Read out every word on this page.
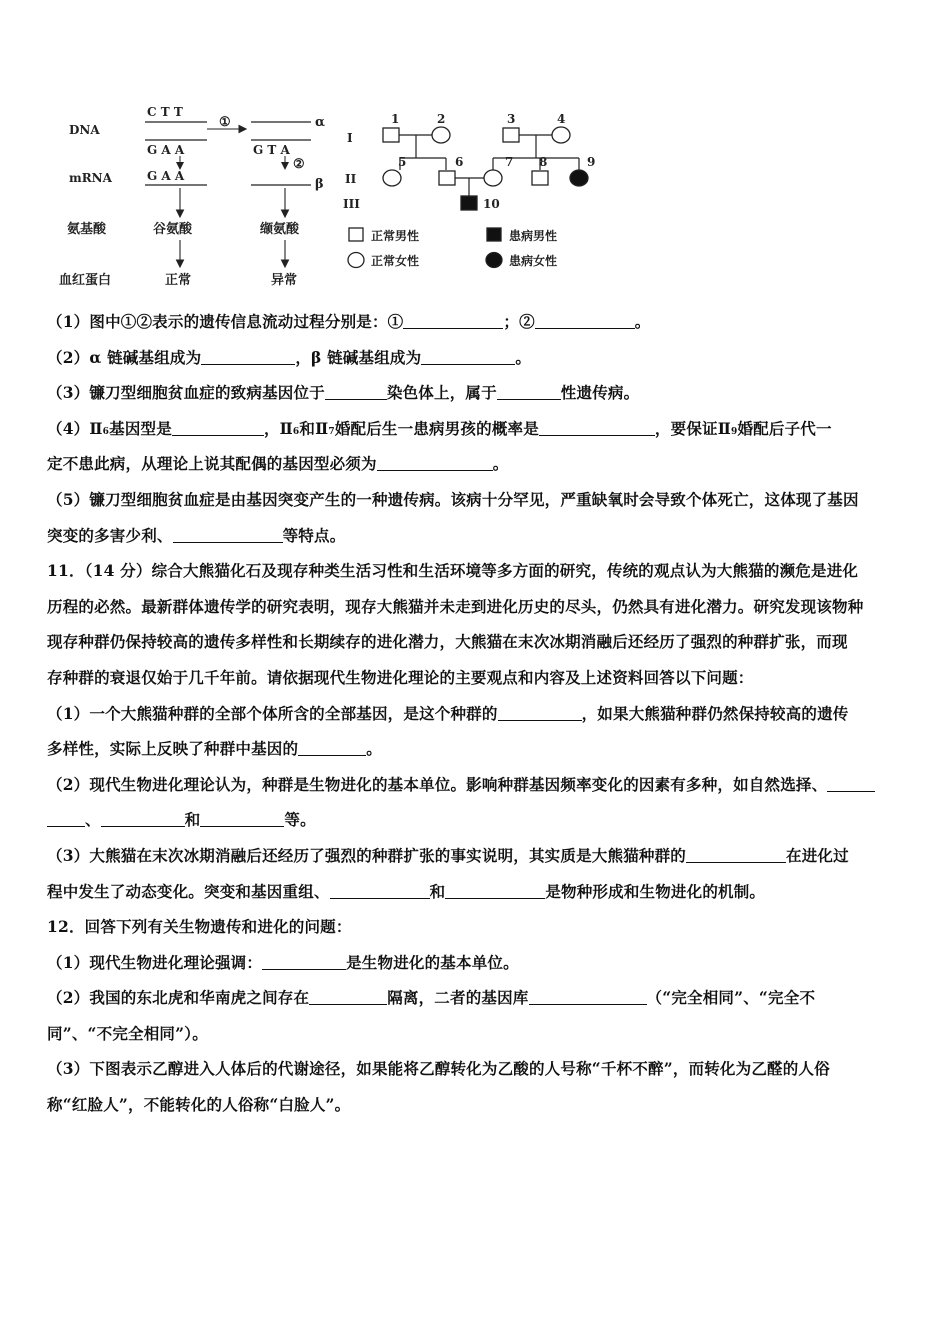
DNA
mRNA
氨基酸
血红蛋白
C T T
G A A
G A A
谷氨酸
正常
①	α
G T A
②
β
缬氨酸
异常
I
II
III
1	2	3	4
5	6	7 8	9
10
正常男性	患病男性
正常女性	患病女性
（1）图中①②表示的遗传信息流动过程分别是：①	；②	。
（2）α 链碱基组成为	，β 链碱基组成为	。
（3）镰刀型细胞贫血症的致病基因位于	染色体上，属于	性遗传病。
（4）Ⅱ6基因型是	，Ⅱ6和Ⅱ7婚配后生一患病男孩的概率是	，要保证Ⅱ9婚配后子代一
定不患此病，从理论上说其配偶的基因型必须为	。
（5）镰刀型细胞贫血症是由基因突变产生的一种遗传病。该病十分罕见，严重缺氧时会导致个体死亡，这体现了基因
突变的多害少利、	等特点。
11．（14 分）综合大熊猫化石及现存种类生活习性和生活环境等多方面的研究，传统的观点认为大熊猫的濒危是进化
历程的必然。最新群体遗传学的研究表明，现存大熊猫并未走到进化历史的尽头，仍然具有进化潜力。研究发现该物种
现存种群仍保持较高的遗传多样性和长期续存的进化潜力，大熊猫在末次冰期消融后还经历了强烈的种群扩张，而现
存种群的衰退仅始于几千年前。请依据现代生物进化理论的主要观点和内容及上述资料回答以下问题：
（1）一个大熊猫种群的全部个体所含的全部基因，是这个种群的	，如果大熊猫种群仍然保持较高的遗传
多样性，实际上反映了种群中基因的	。
（2）现代生物进化理论认为，种群是生物进化的基本单位。影响种群基因频率变化的因素有多种，如自然选择、
、	和	等。
（3）大熊猫在末次冰期消融后还经历了强烈的种群扩张的事实说明，其实质是大熊猫种群的	在进化过
程中发生了动态变化。突变和基因重组、	和	是物种形成和生物进化的机制。
12．回答下列有关生物遗传和进化的问题：
（1）现代生物进化理论强调：	是生物进化的基本单位。
（2）我国的东北虎和华南虎之间存在	隔离，二者的基因库	（“完全相同”、“完全不
同”、“不完全相同”）。
（3）下图表示乙醇进入人体后的代谢途径，如果能将乙醇转化为乙酸的人号称“千杯不醉”，而转化为乙醛的人俗
称“红脸人”，不能转化的人俗称“白脸人”。
